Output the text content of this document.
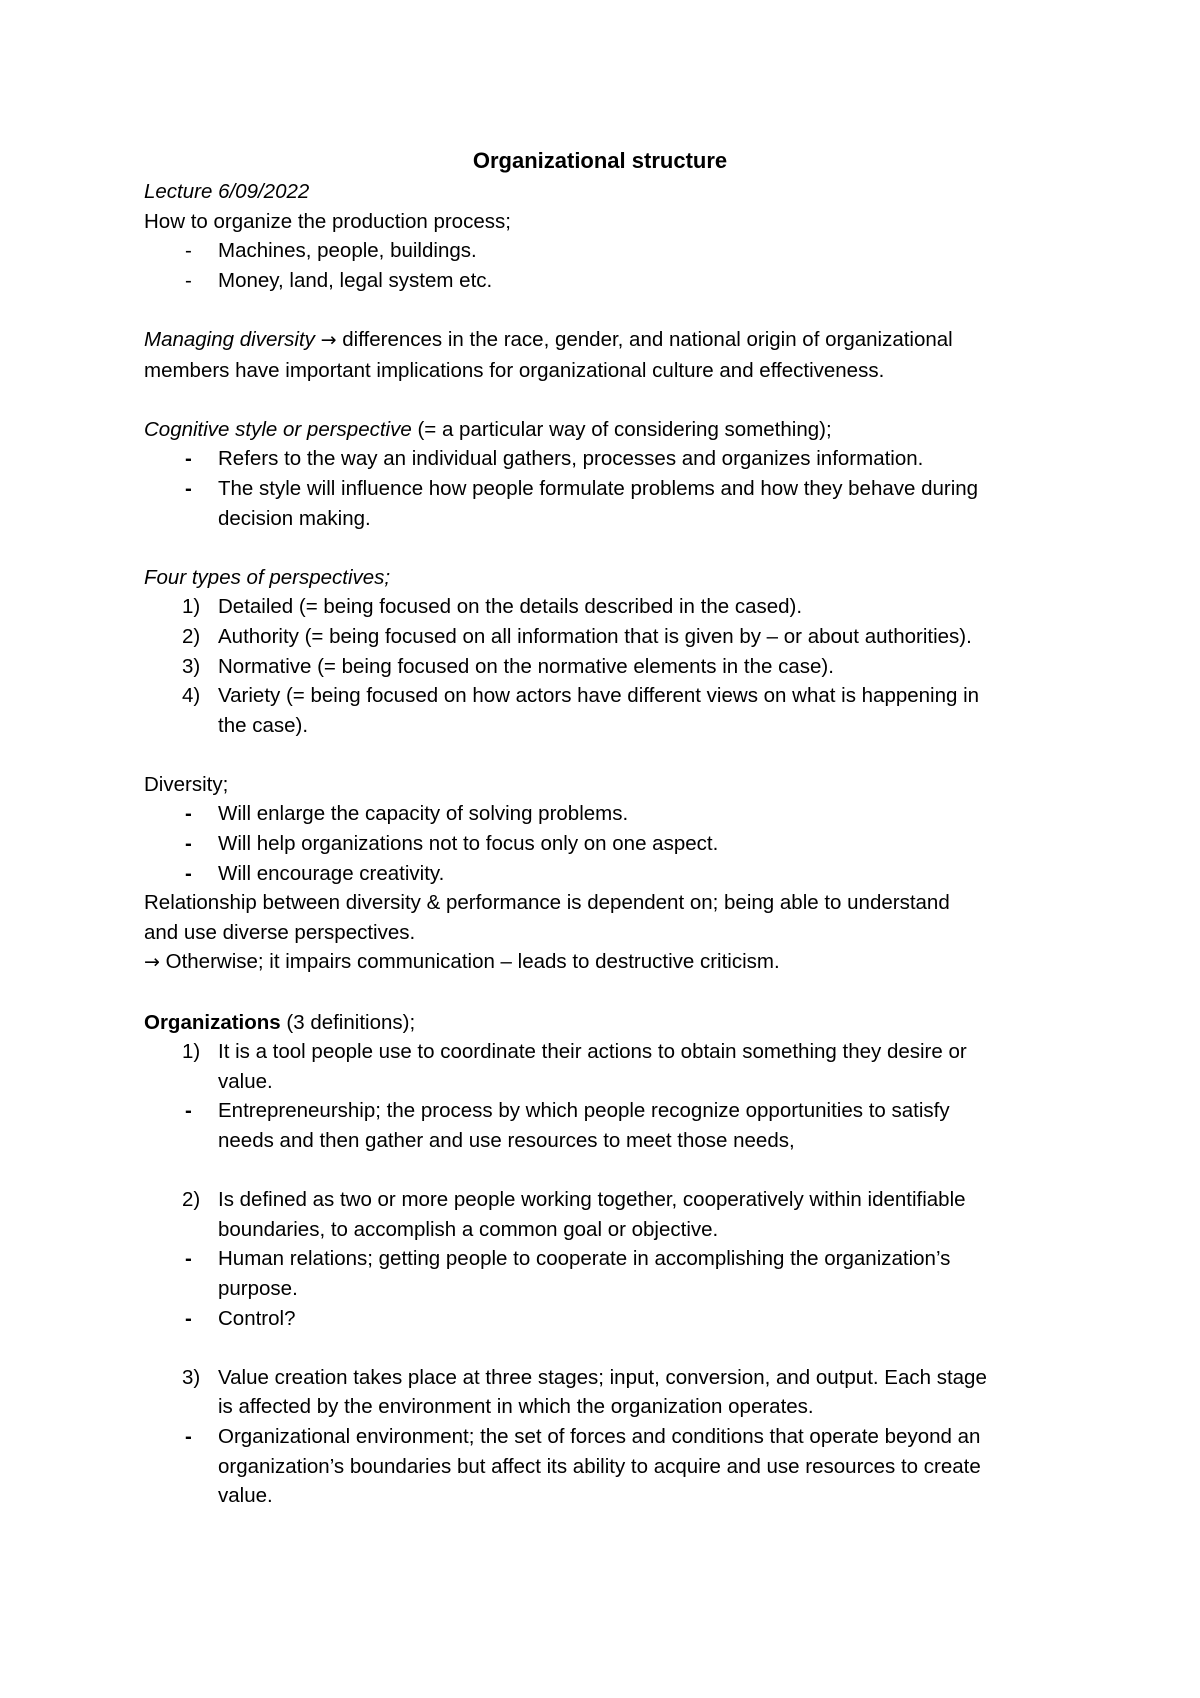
Organizational structure
Lecture 6/09/2022
How to organize the production process;
- Machines, people, buildings.
- Money, land, legal system etc.
Managing diversity → differences in the race, gender, and national origin of organizational
members have important implications for organizational culture and effectiveness.
Cognitive style or perspective (= a particular way of considering something);
- Refers to the way an individual gathers, processes and organizes information.
- The style will influence how people formulate problems and how they behave during
decision making.
Four types of perspectives;
1) Detailed (= being focused on the details described in the cased).
2) Authority (= being focused on all information that is given by – or about authorities).
3) Normative (= being focused on the normative elements in the case).
4) Variety (= being focused on how actors have different views on what is happening in
the case).
Diversity;
- Will enlarge the capacity of solving problems.
- Will help organizations not to focus only on one aspect.
- Will encourage creativity.
Relationship between diversity & performance is dependent on; being able to understand
and use diverse perspectives.
→ Otherwise; it impairs communication – leads to destructive criticism.
Organizations (3 definitions);
1) It is a tool people use to coordinate their actions to obtain something they desire or
value.
- Entrepreneurship; the process by which people recognize opportunities to satisfy
needs and then gather and use resources to meet those needs,
2) Is defined as two or more people working together, cooperatively within identifiable
boundaries, to accomplish a common goal or objective.
- Human relations; getting people to cooperate in accomplishing the organization’s
purpose.
- Control?
3) Value creation takes place at three stages; input, conversion, and output. Each stage
is affected by the environment in which the organization operates.
- Organizational environment; the set of forces and conditions that operate beyond an
organization’s boundaries but affect its ability to acquire and use resources to create
value.
